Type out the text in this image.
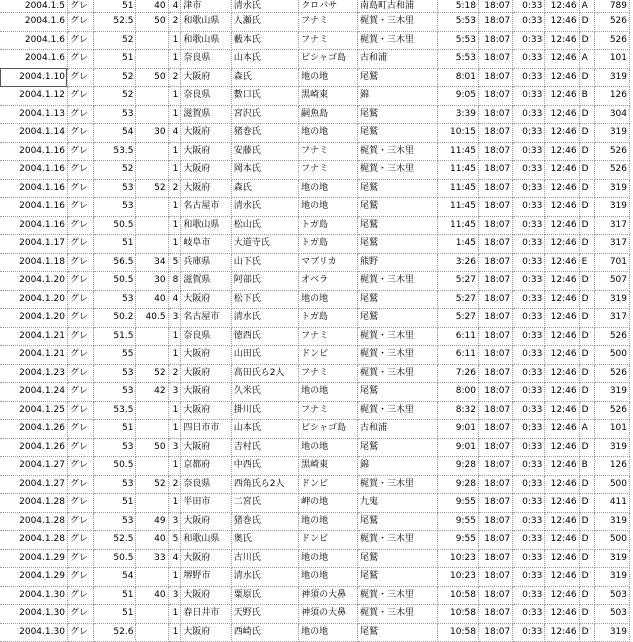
2004.1.5	グレ	51	40	4	津市	清水氏	クロバサ	南島町古和浦	5:18	18:07	0:33	12:46	A	789
2004.1.6	グレ	52.5	50	2	和歌山県	人瀬氏	フナミ	梶賀・三木里	5:53	18:07	0:33	12:46	D	526
2004.1.6	グレ	52		1	和歌山県	藪本氏	フナミ	梶賀・三木里	5:53	18:07	0:33	12:46	D	526
2004.1.6	グレ	51		1	奈良県	山本氏	ビシャゴ島	古和浦	5:53	18:07	0:33	12:46	A	101
2004.1.10	グレ	52	50	2	大阪府	森氏	地の地	尾鷲	8:01	18:07	0:33	12:46	D	319
2004.1.12	グレ	52		1	奈良県	數口氏	黒崎東	錦	9:05	18:07	0:33	12:46	B	126
2004.1.13	グレ	53		1	滋賀県	宮沢氏	嗣魚島	尾鷲	3:39	18:07	0:33	12:46	D	304
2004.1.14	グレ	54	30	4	大阪府	猪巻氏	地の地	尾鷲	10:15	18:07	0:33	12:46	D	319
2004.1.16	グレ	53.5		1	大阪府	安藤氏	フナミ	梶賀・三木里	11:45	18:07	0:33	12:46	D	526
2004.1.16	グレ	52		1	大阪府	岡本氏	フナミ	梶賀・三木里	11:45	18:07	0:33	12:46	D	526
2004.1.16	グレ	53	52	2	大阪府	森氏	地の地	尾鷲	11:45	18:07	0:33	12:46	D	319
2004.1.16	グレ	53		1	名古屋市	清水氏	地の地	尾鷲	11:45	18:07	0:33	12:46	D	319
2004.1.16	グレ	50.5		1	和歌山県	松山氏	トガ島	尾鷲	11:45	18:07	0:33	12:46	D	317
2004.1.17	グレ	51		1	岐阜市	大道寺氏	トガ島	尾鷲	1:45	18:07	0:33	12:46	D	317
2004.1.18	グレ	56.5	34	5	兵庫県	山下氏	マブリカ	熊野	3:26	18:07	0:33	12:46	E	701
2004.1.20	グレ	50.5	30	8	滋賀県	阿部氏	オベラ	梶賀・三木里	5:27	18:07	0:33	12:46	D	507
2004.1.20	グレ	53	40	4	大阪府	松下氏	地の地	尾鷲	5:27	18:07	0:33	12:46	D	319
2004.1.20	グレ	50.2	40.5	3	名古屋市	清水氏	トガ島	尾鷲	5:27	18:07	0:33	12:46	D	317
2004.1.21	グレ	51.5		1	奈良県	徳西氏	フナミ	梶賀・三木里	6:11	18:07	0:33	12:46	D	526
2004.1.21	グレ	55		1	大阪府	山田氏	ドンビ	梶賀・三木里	6:11	18:07	0:33	12:46	D	500
2004.1.23	グレ	53	52	2	大阪府	高田氏ら2人	フナミ	梶賀・三木里	7:26	18:07	0:33	12:46	D	526
2004.1.24	グレ	53	42	3	大阪府	久米氏	地の地	尾鷲	8:00	18:07	0:33	12:46	D	319
2004.1.25	グレ	53.5		1	大阪府	掛川氏	フナミ	梶賀・三木里	8:32	18:07	0:33	12:46	D	526
2004.1.26	グレ	51		1	四日市市	山本氏	ビシャゴ島	古和浦	9:01	18:07	0:33	12:46	A	101
2004.1.26	グレ	53	50	3	大阪府	吉村氏	地の地	尾鷲	9:01	18:07	0:33	12:46	D	319
2004.1.27	グレ	50.5		1	京都府	中西氏	黒崎東	錦	9:28	18:07	0:33	12:46	B	126
2004.1.27	グレ	53	52	2	奈良県	西角氏ら2人	ドンビ	梶賀・三木里	9:28	18:07	0:33	12:46	D	500
2004.1.28	グレ	51		1	半田市	二宮氏	岬の地	九鬼	9:55	18:07	0:33	12:46	D	411
2004.1.28	グレ	53	49	3	大阪府	猪巻氏	地の地	尾鷲	9:55	18:07	0:33	12:46	D	319
2004.1.28	グレ	52.5	40	5	和歌山県	奥氏	ドンビ	梶賀・三木里	9:55	18:07	0:33	12:46	D	500
2004.1.29	グレ	50.5	33	4	大阪府	古川氏	地の地	尾鷲	10:23	18:07	0:33	12:46	D	319
2004.1.29	グレ	54		1	堺野市	清水氏	地の地	尾鷲	10:23	18:07	0:33	12:46	D	319
2004.1.30	グレ	51	40	3	大阪府	粟原氏	神須の大鼻	梶賀・三木里	10:58	18:07	0:33	12:46	D	503
2004.1.30	グレ	51		1	春日井市	天野氏	神須の大鼻	梶賀・三木里	10:58	18:07	0:33	12:46	D	503
2004.1.30	グレ	52.6		1	大阪府	西崎氏	地の地	尾鷲	10:58	18:07	0:33	12:46	D	319
